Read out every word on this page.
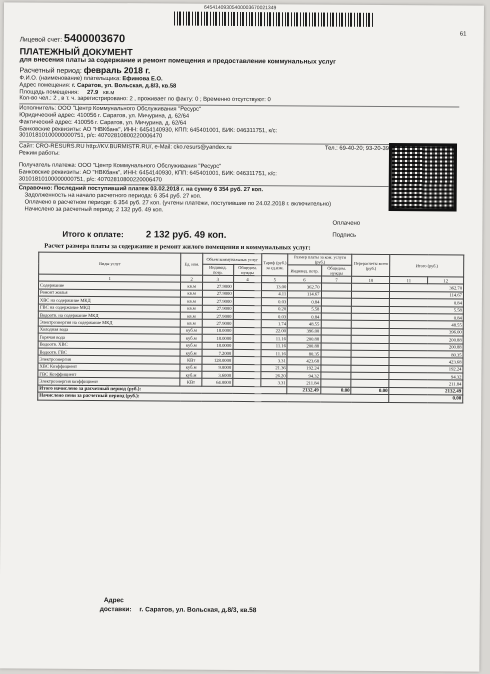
64541409305400003670021349
61
Лицевой счет: 5400003670
ПЛАТЕЖНЫЙ ДОКУМЕНТ
для внесения платы за содержание и ремонт помещения и предоставление коммунальных услуг
Расчетный период: февраль 2018 г.
Ф.И.О. (наименование) плательщика: Ефимова Е.О.
Адрес помещения: г. Саратов, ул. Вольская, д.8/3, кв.58
Площадь помещения: 27.9 кв.м
Кол-во чел.: 2 , в т. ч. зарегистрировано: 2 , проживает по факту: 0 ; Временно отсутствуют: 0
Исполнитель: ООО "Центр Коммунального Обслуживания "Ресурс"
Юридический адрес: 410056 г. Саратов, ул. Мичурина, д. 62/64
Фактический адрес: 410056 г. Саратов, ул. Мичурина, д. 62/64
Банковские реквизиты: АО "НВКбанк", ИНН: 6454140930, КПП: 645401001, БИК: 046311751, к/с:
30101810100000000751, р/с: 40702810800220006470
Сайт: CRO-RESURS.RU http://KV.BURMISTR.RU/, e-Mail: cko.resurs@yandex.ru	Тел.: 69-40-20; 93-20-39
Режим работы:
Получатель платежа: ООО "Центр Коммунального Обслуживания "Ресурс"
Банковские реквизиты: АО "НВКбанк", ИНН: 6454140930, КПП: 645401001, БИК: 046311751, к/с:
30101810100000000751, р/с: 40702810800220006470
Справочно: Последний поступивший платеж 03.02.2018 г. на сумму 6 354 руб. 27 коп.
Задолженность на начало расчетного периода: 6 354 руб. 27 коп.
Оплачено в расчетном периоде: 6 354 руб. 27 коп. (учтены платежи, поступившие по 24.02.2018 г. включительно)
Начислено за расчетный период: 2 132 руб. 49 коп.
Оплачено
Итого к оплате: 2 132 руб. 49 коп.	Подпись
Расчет размера платы за содержание и ремонт жилого помещения и коммунальных услуг:
Виды услуг	Ед. изм.	Объем коммунальных услуг		Тариф (руб.) за ед.изм.	Размер платы за ком. услуги (руб.)		Перерасчеты всего (руб.)	Итого (руб.)	
		Индивид. потр.	Общедом. нужды		Индивид. потр.	Общедом. нужды			
1	2	3	4	5	6	7	10	11	12
Содержание	кв.м	27.9000		13.00	362.70			362.70	
Ремонт жилья	кв.м	27.9000		4.11	114.67			114.67	
ХВС на содержание МКД	кв.м	27.9000		0.03	0.84			0.84	
ГВС на содержание МКД	кв.м	27.9000		0.20	5.58			5.58	
Водоотв. на содержание МКД	кв.м	27.9000		0.03	0.84			0.84	
Электроэнергия на содержание МКД	кв.м	27.9000		1.74	48.55			48.55	
Холодная вода	куб.м	18.0000		22.00	396.00			396.00	
Горячая вода	куб.м	18.0000		11.16	200.88			200.88	
Водоотв. ХВС	куб.м	18.0000		11.16	200.88			200.88	
Водоотв. ГВС	куб.м	7.2000		11.16	80.35			80.35	
Электроэнергия	КВт	128.0000		3.31	423.68			423.68	
ХВС Коэффициент	куб.м	9.0000		21.36	192.24			192.24	
ГВС Коэффициент	куб.м	3.6000		26.20	94.32			94.32	
Электроэнергия коэффициент	КВт	64.0000		3.31	211.84			211.84	
Итого начислено за расчетный период (руб.):					2132.49	0.00	0.00	2132.49	
Начислено пени за расчетный период (руб.):								0.00	
Адрес
доставки: г. Саратов, ул. Вольская, д.8/3, кв.58
